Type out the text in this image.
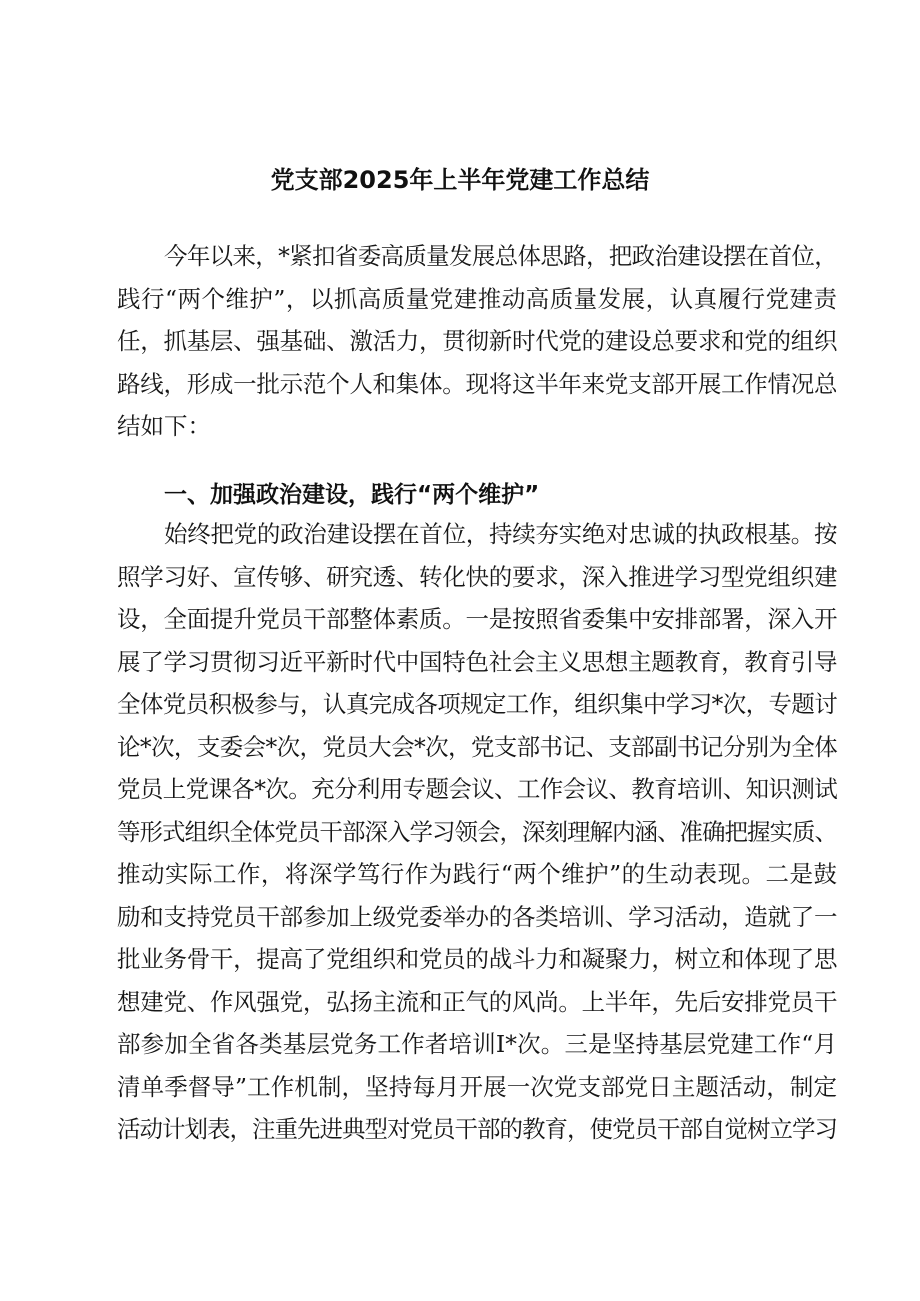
党支部2025年上半年党建工作总结
今年以来，*紧扣省委高质量发展总体思路，把政治建设摆在首位，
践行“两个维护”，以抓高质量党建推动高质量发展，认真履行党建责
任，抓基层、强基础、激活力，贯彻新时代党的建设总要求和党的组织
路线，形成一批示范个人和集体。现将这半年来党支部开展工作情况总
结如下：
一、加强政治建设，践行“两个维护”
始终把党的政治建设摆在首位，持续夯实绝对忠诚的执政根基。按
照学习好、宣传够、研究透、转化快的要求，深入推进学习型党组织建
设，全面提升党员干部整体素质。一是按照省委集中安排部署，深入开
展了学习贯彻习近平新时代中国特色社会主义思想主题教育，教育引导
全体党员积极参与，认真完成各项规定工作，组织集中学习*次，专题讨
论*次，支委会*次，党员大会*次，党支部书记、支部副书记分别为全体
党员上党课各*次。充分利用专题会议、工作会议、教育培训、知识测试
等形式组织全体党员干部深入学习领会，深刻理解内涵、准确把握实质、
推动实际工作，将深学笃行作为践行“两个维护”的生动表现。二是鼓
励和支持党员干部参加上级党委举办的各类培训、学习活动，造就了一
批业务骨干，提高了党组织和党员的战斗力和凝聚力，树立和体现了思
想建党、作风强党，弘扬主流和正气的风尚。上半年，先后安排党员干
部参加全省各类基层党务工作者培训I*次。三是坚持基层党建工作“月
清单季督导”工作机制，坚持每月开展一次党支部党日主题活动，制定
活动计划表，注重先进典型对党员干部的教育，使党员干部自觉树立学习
